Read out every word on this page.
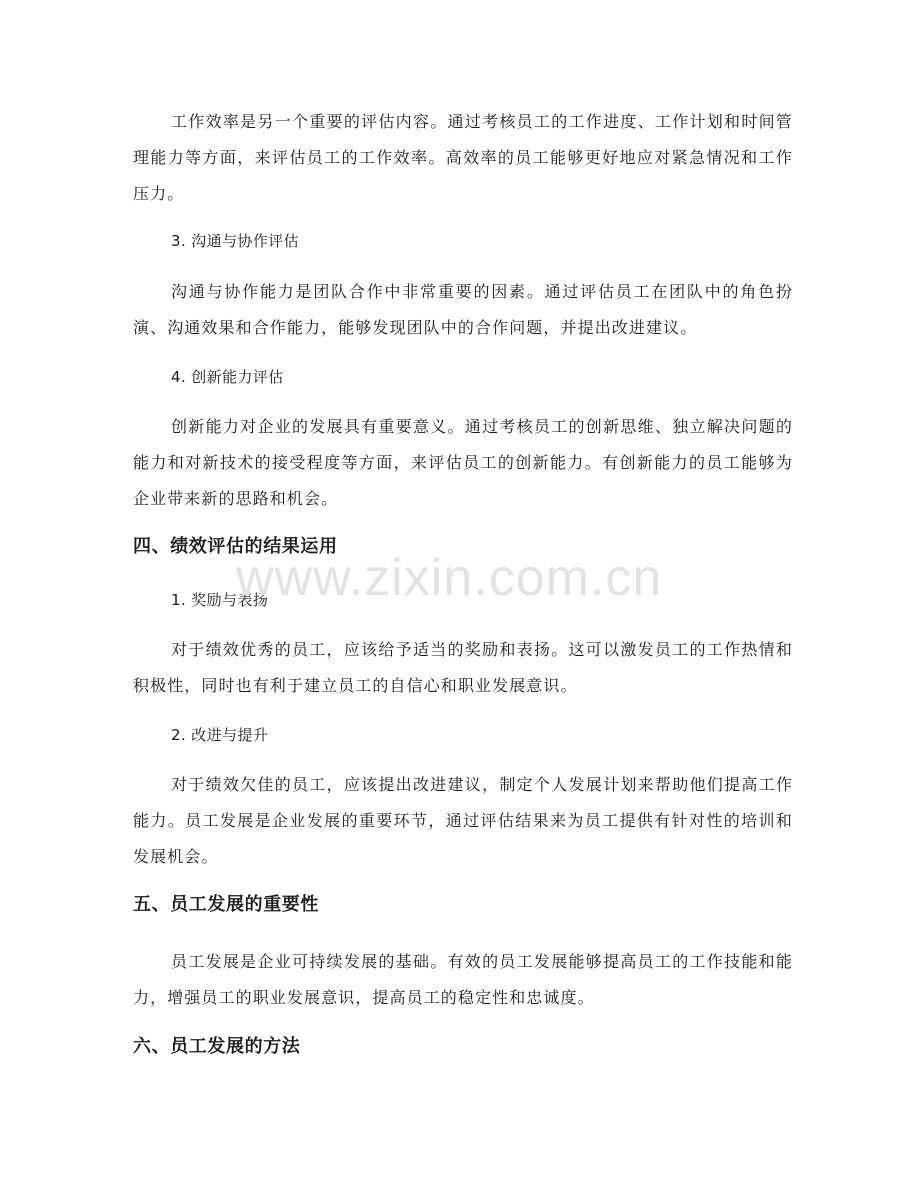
工作效率是另一个重要的评估内容。通过考核员工的工作进度、工作计划和时间管理能力等方面，来评估员工的工作效率。高效率的员工能够更好地应对紧急情况和工作压力。

3. 沟通与协作评估

沟通与协作能力是团队合作中非常重要的因素。通过评估员工在团队中的角色扮演、沟通效果和合作能力，能够发现团队中的合作问题，并提出改进建议。

4. 创新能力评估

创新能力对企业的发展具有重要意义。通过考核员工的创新思维、独立解决问题的能力和对新技术的接受程度等方面，来评估员工的创新能力。有创新能力的员工能够为企业带来新的思路和机会。

四、绩效评估的结果运用

1. 奖励与表扬

对于绩效优秀的员工，应该给予适当的奖励和表扬。这可以激发员工的工作热情和积极性，同时也有利于建立员工的自信心和职业发展意识。

2. 改进与提升

对于绩效欠佳的员工，应该提出改进建议，制定个人发展计划来帮助他们提高工作能力。员工发展是企业发展的重要环节，通过评估结果来为员工提供有针对性的培训和发展机会。

五、员工发展的重要性

员工发展是企业可持续发展的基础。有效的员工发展能够提高员工的工作技能和能力，增强员工的职业发展意识，提高员工的稳定性和忠诚度。

六、员工发展的方法
www.zixin.com.cn
